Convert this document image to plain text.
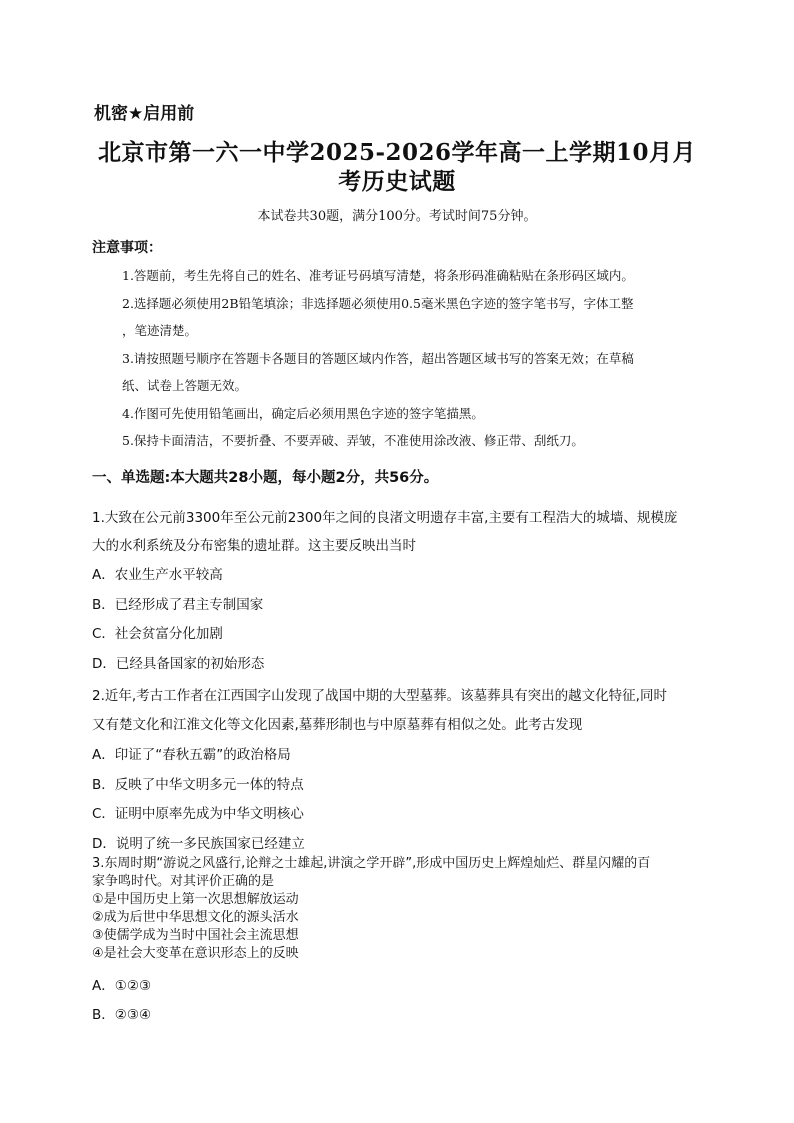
机密★启用前
北京市第一六一中学2025-2026学年高一上学期10月月
考历史试题
本试卷共30题，满分100分。考试时间75分钟。
注意事项：
1.答题前，考生先将自己的姓名、准考证号码填写清楚，将条形码准确粘贴在条形码区域内。
2.选择题必须使用2B铅笔填涂；非选择题必须使用0.5毫米黑色字迹的签字笔书写，字体工整
，笔迹清楚。
3.请按照题号顺序在答题卡各题目的答题区域内作答，超出答题区域书写的答案无效；在草稿
纸、试卷上答题无效。
4.作图可先使用铅笔画出，确定后必须用黑色字迹的签字笔描黑。
5.保持卡面清洁，不要折叠、不要弄破、弄皱，不准使用涂改液、修正带、刮纸刀。
一、单选题:本大题共28小题，每小题2分，共56分。
1.大致在公元前3300年至公元前2300年之间的良渚文明遗存丰富,主要有工程浩大的城墙、规模庞
大的水利系统及分布密集的遗址群。这主要反映出当时
A．农业生产水平较高
B．已经形成了君主专制国家
C．社会贫富分化加剧
D．已经具备国家的初始形态
2.近年,考古工作者在江西国字山发现了战国中期的大型墓葬。该墓葬具有突出的越文化特征,同时
又有楚文化和江淮文化等文化因素,墓葬形制也与中原墓葬有相似之处。此考古发现
A．印证了“春秋五霸”的政治格局
B．反映了中华文明多元一体的特点
C．证明中原率先成为中华文明核心
D．说明了统一多民族国家已经建立
3.东周时期“游说之风盛行,论辩之士雄起,讲演之学开辟”,形成中国历史上辉煌灿烂、群星闪耀的百
家争鸣时代。对其评价正确的是
①是中国历史上第一次思想解放运动
②成为后世中华思想文化的源头活水
③使儒学成为当时中国社会主流思想
④是社会大变革在意识形态上的反映
A．①②③
B．②③④
